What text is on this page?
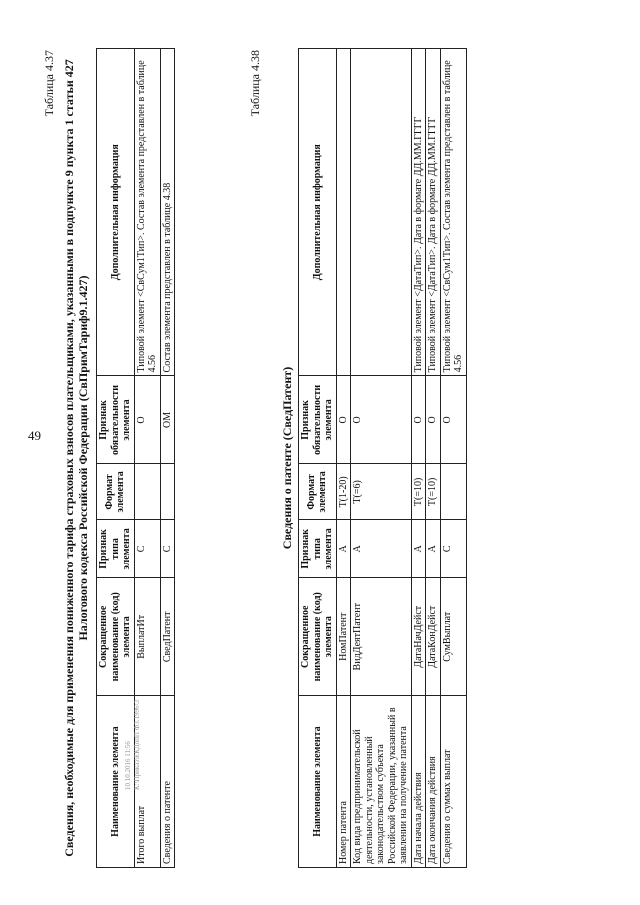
49
Таблица 4.37 Сведения, необходимые для применения пониженного тарифа страховых взносов плательщиками, указанными в подпункте 9 пункта 1 статьи 427 Налогового кодекса Российской Федерации (СвПримТариф9.1.427)
Наименование элемента	Сокращенное наименование (код) элемента	Признак типа элемента	Формат элемента	Признак обязательности элемента	Дополнительная информация
Итого выплат	ВыплатИт	С		О	Типовой элемент <СвСум1Тип>. Состав элемента представлен в таблице 4.56
Сведения о патенте	СведПатент	С		ОМ	Состав элемента представлен в таблице 4.38
Таблица 4.38
Сведения о патенте (СведПатент)
Наименование элемента	Сокращенное наименование (код) элемента	Признак типа элемента	Формат элемента	Признак обязательности элемента	Дополнительная информация
Номер патента	НомПатент	А	Т(1-20)	О	
Код вида предпринимательской деятельности, установленный законодательством субъекта Российской Федерации, указанный в заявлении на получение патента	ВидДеятПатент	А	Т(=6)	О	
Дата начала действия	ДатаНачДейст	А	Т(=10)	О	Типовой элемент <ДатаТип>. Дата в формате ДД.ММ.ГГГГ
Дата окончания действия	ДатаКонДейст	А	Т(=10)	О	Типовой элемент <ДатаТип>. Дата в формате ДД.ММ.ГГГГ
Сведения о суммах выплат	СумВыплат	С		О	Типовой элемент <СвСум1Тип>. Состав элемента представлен в таблице 4.56
10.10.2016 11:56 К:\Приказ\ЕКДопП Ф3.1996\3
